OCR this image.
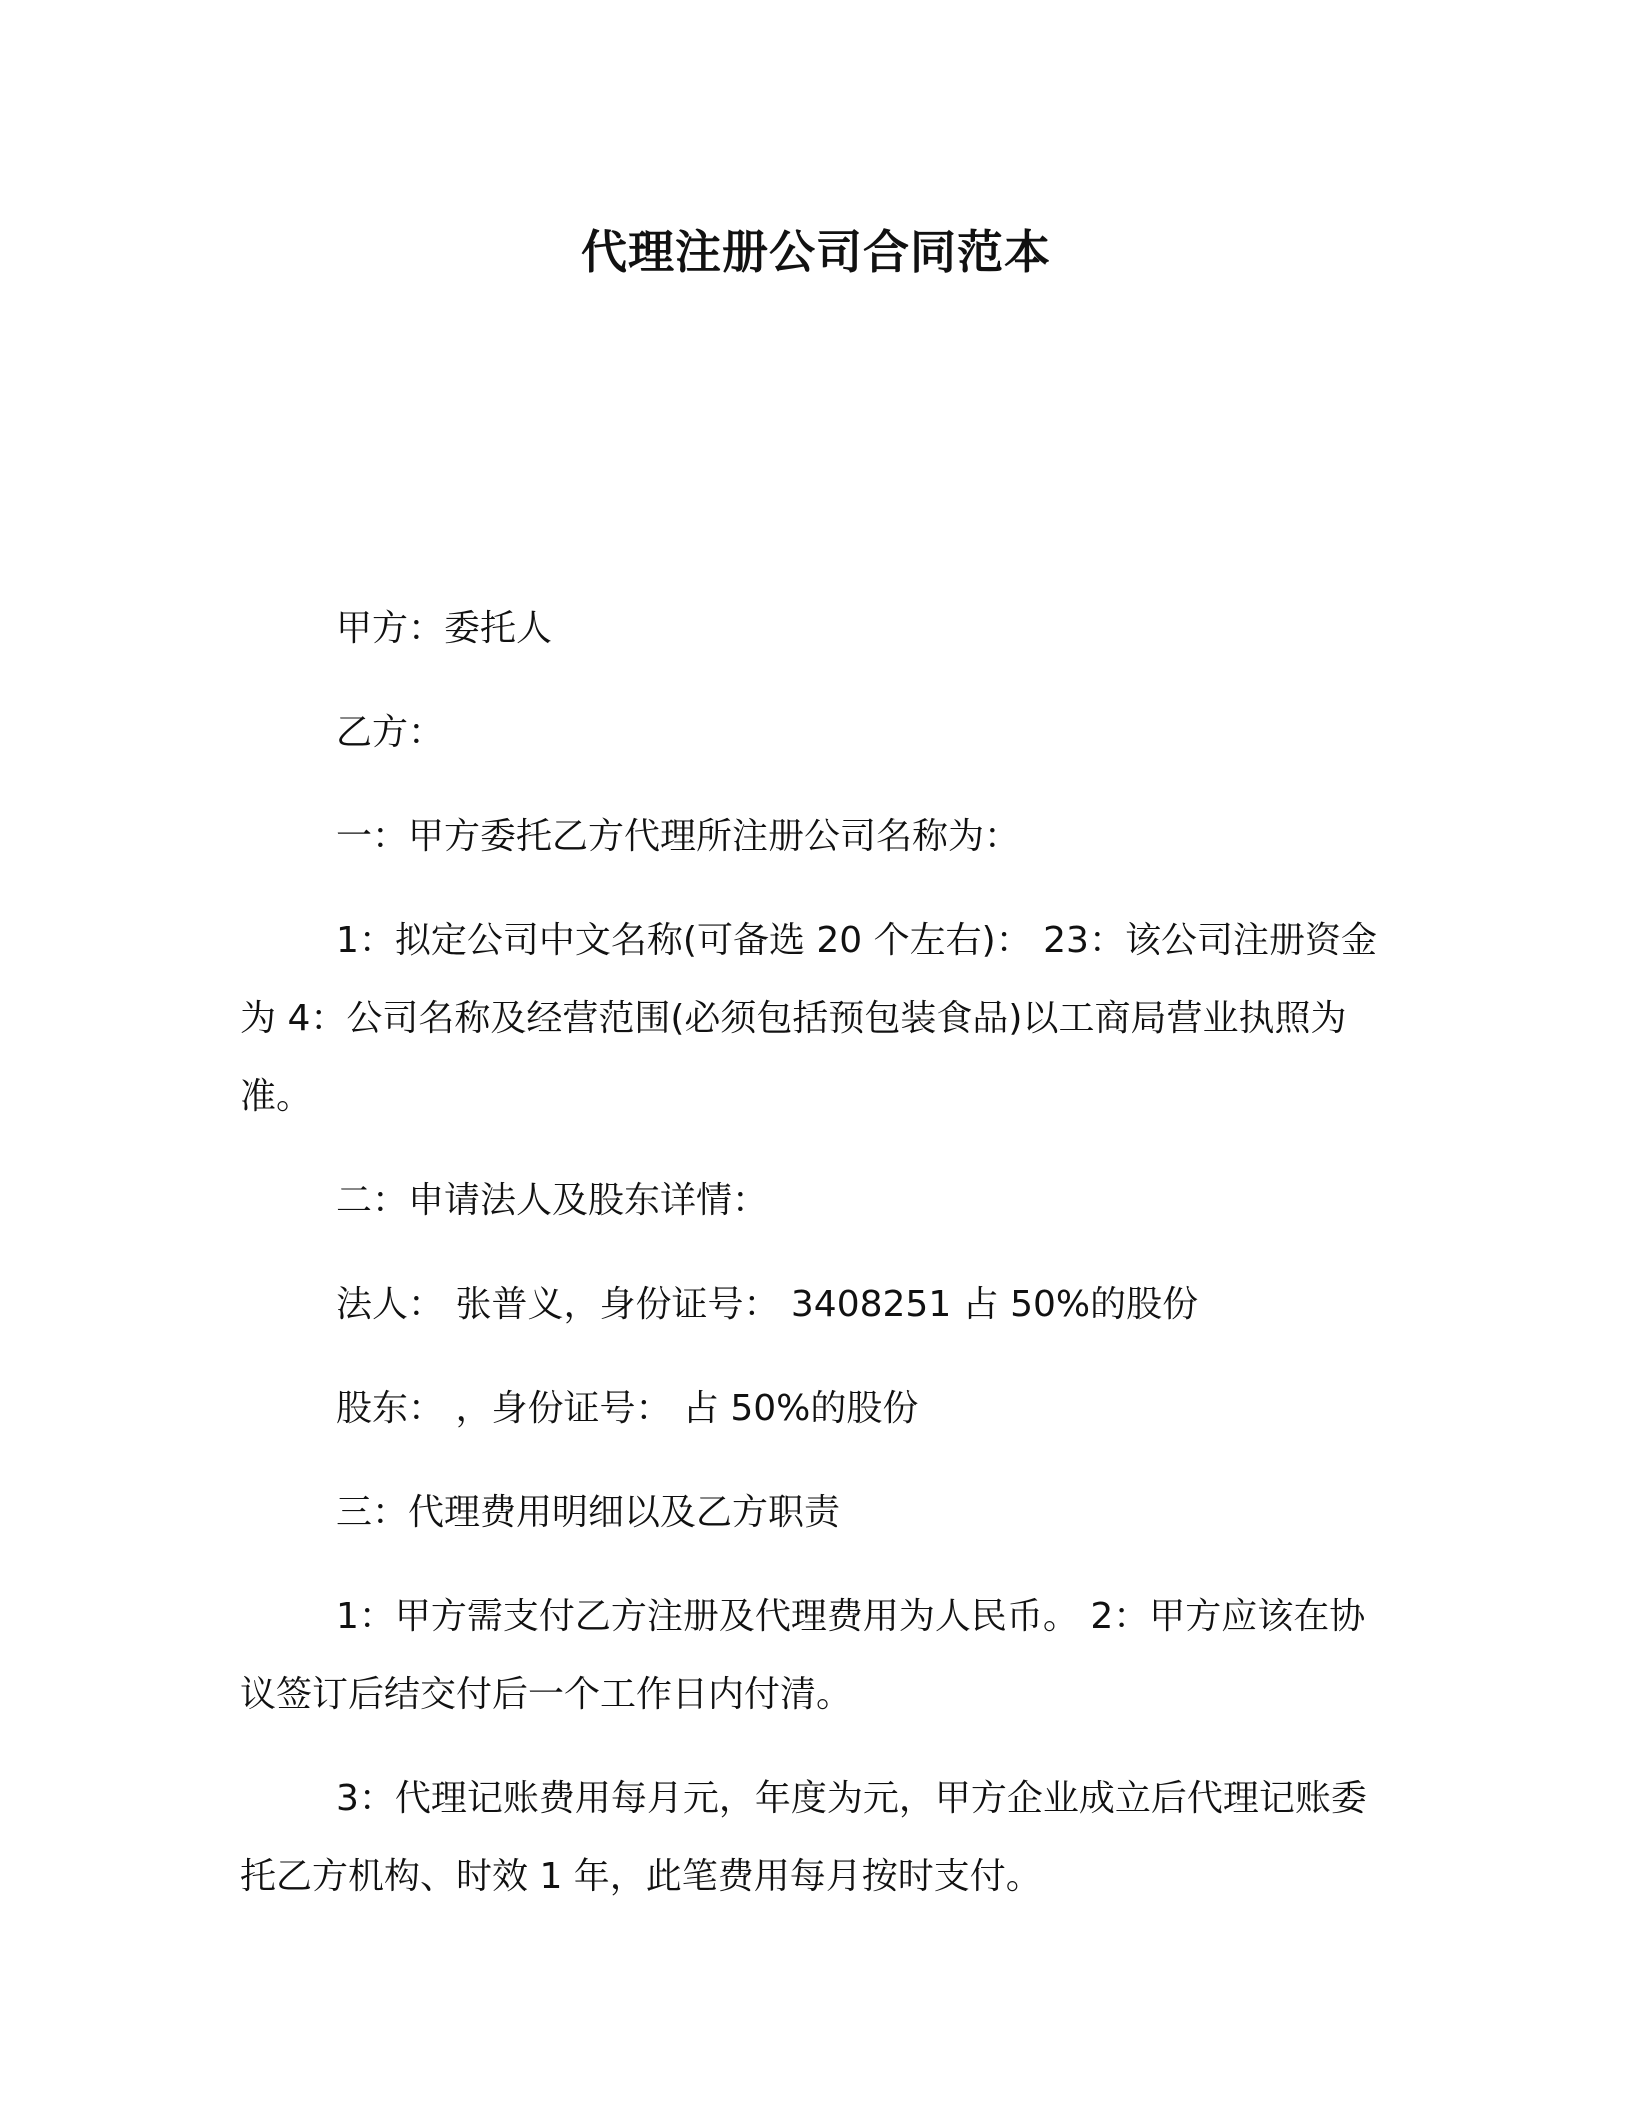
代理注册公司合同范本

甲方：委托人

乙方：

一：甲方委托乙方代理所注册公司名称为：

1：拟定公司中文名称(可备选 20 个左右)： 23：该公司注册资金为 4：公司名称及经营范围(必须包括预包装食品)以工商局营业执照为准。

二：申请法人及股东详情：

法人： 张普义，身份证号： 3408251 占 50%的股份

股东： ，身份证号： 占 50%的股份

三：代理费用明细以及乙方职责

1：甲方需支付乙方注册及代理费用为人民币。 2：甲方应该在协议签订后结交付后一个工作日内付清。

3：代理记账费用每月元，年度为元，甲方企业成立后代理记账委托乙方机构、时效 1 年，此笔费用每月按时支付。
